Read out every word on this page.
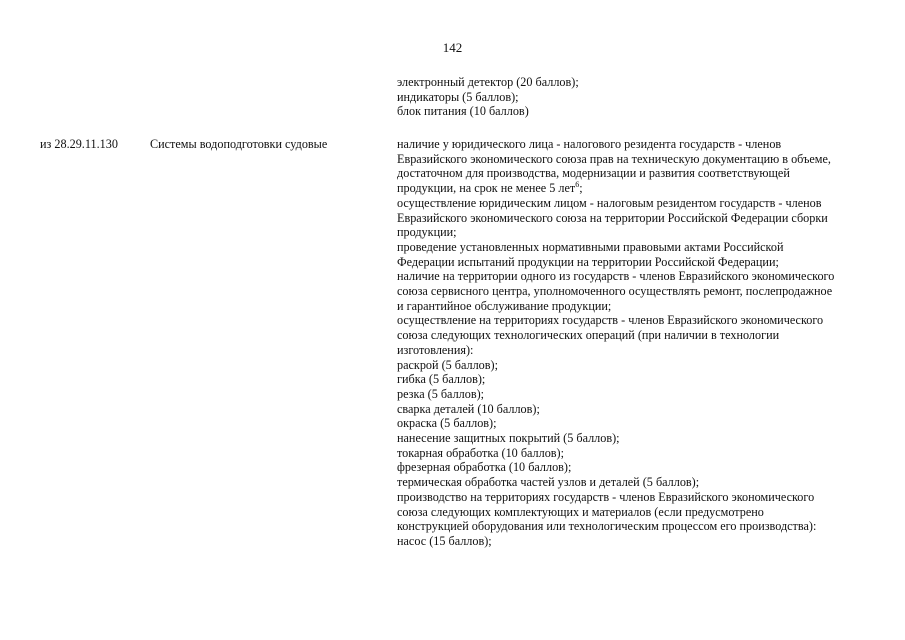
142
электронный детектор (20 баллов);
индикаторы (5 баллов);
блок питания (10 баллов)
из 28.29.11.130	Системы водоподготовки судовые	наличие у юридического лица - налогового резидента государств - членов
Евразийского экономического союза прав на техническую документацию в объеме,
достаточном для производства, модернизации и развития соответствующей
продукции, на срок не менее 5 лет$^6$;
осуществление юридическим лицом - налоговым резидентом государств - членов
Евразийского экономического союза на территории Российской Федерации сборки
продукции;
проведение установленных нормативными правовыми актами Российской
Федерации испытаний продукции на территории Российской Федерации;
наличие на территории одного из государств - членов Евразийского экономического
союза сервисного центра, уполномоченного осуществлять ремонт, послепродажное
и гарантийное обслуживание продукции;
осуществление на территориях государств - членов Евразийского экономического
союза следующих технологических операций (при наличии в технологии
изготовления):
раскрой (5 баллов);
гибка (5 баллов);
резка (5 баллов);
сварка деталей (10 баллов);
окраска (5 баллов);
нанесение защитных покрытий (5 баллов);
токарная обработка (10 баллов);
фрезерная обработка (10 баллов);
термическая обработка частей узлов и деталей (5 баллов);
производство на территориях государств - членов Евразийского экономического
союза следующих комплектующих и материалов (если предусмотрено
конструкцией оборудования или технологическим процессом его производства):
насос (15 баллов);
